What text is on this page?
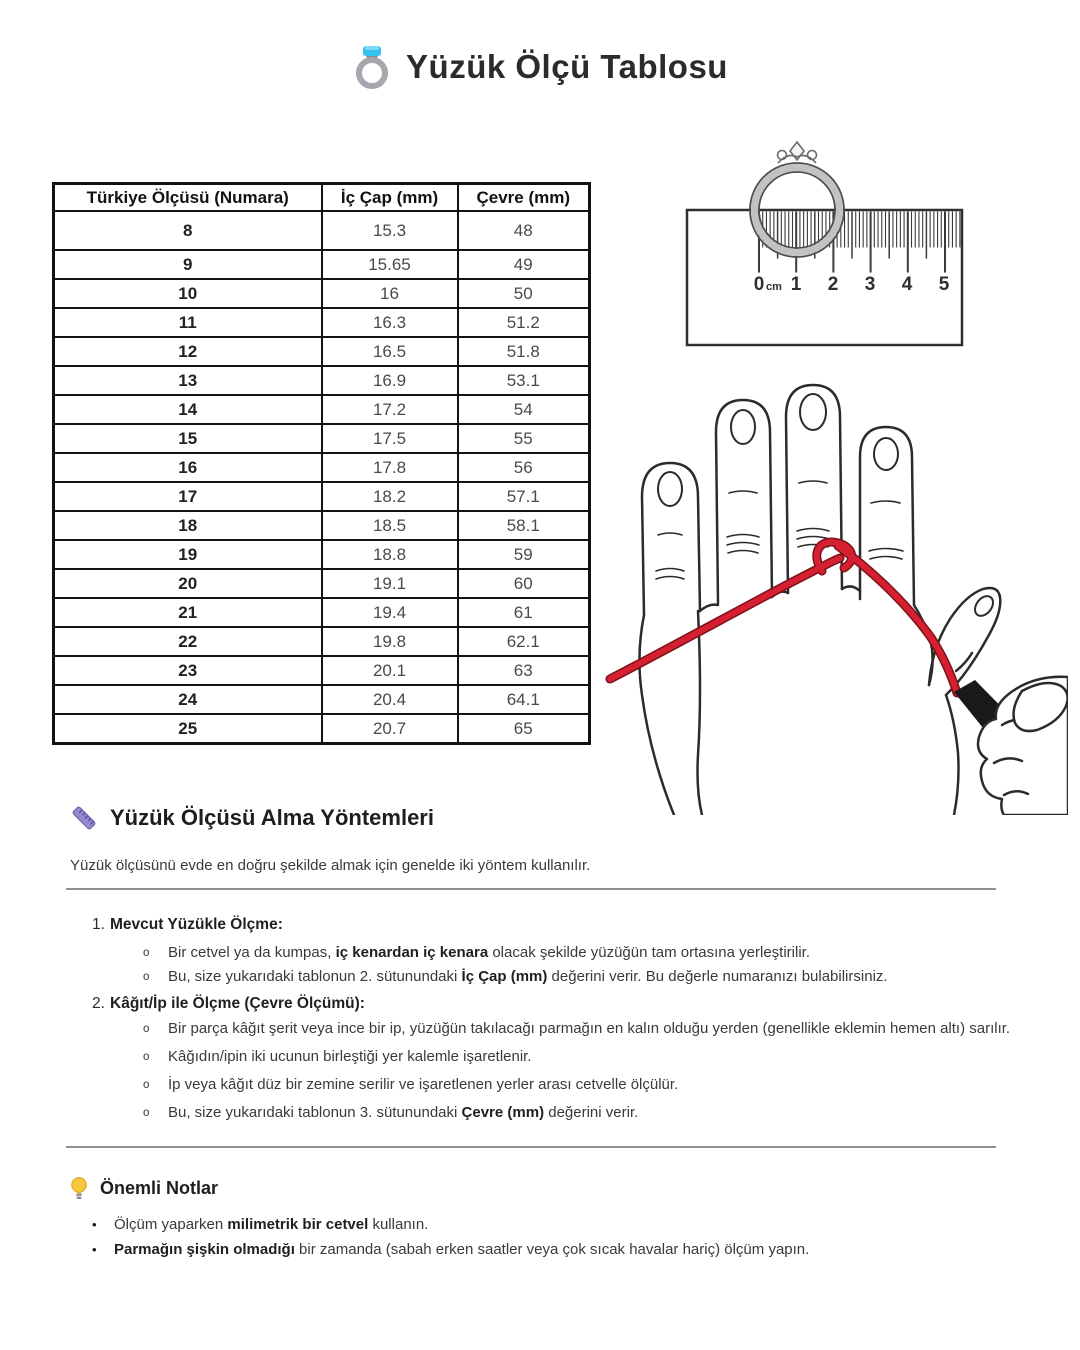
Yüzük Ölçü Tablosu
Türkiye Ölçüsü (Numara)	İç Çap (mm)	Çevre (mm)
8	15.3	48
9	15.65	49
10	16	50
11	16.3	51.2
12	16.5	51.8
13	16.9	53.1
14	17.2	54
15	17.5	55
16	17.8	56
17	18.2	57.1
18	18.5	58.1
19	18.8	59
20	19.1	60
21	19.4	61
22	19.8	62.1
23	20.1	63
24	20.4	64.1
25	20.7	65
0 cm 1 2 3 4 5
Yüzük Ölçüsü Alma Yöntemleri
Yüzük ölçüsünü evde en doğru şekilde almak için genelde iki yöntem kullanılır.
1. Mevcut Yüzükle Ölçme:
o Bir cetvel ya da kumpas, iç kenardan iç kenara olacak şekilde yüzüğün tam ortasına yerleştirilir.
o Bu, size yukarıdaki tablonun 2. sütunundaki İç Çap (mm) değerini verir. Bu değerle numaranızı bulabilirsiniz.
2. Kâğıt/İp ile Ölçme (Çevre Ölçümü):
o Bir parça kâğıt şerit veya ince bir ip, yüzüğün takılacağı parmağın en kalın olduğu yerden (genellikle eklemin hemen altı) sarılır.
o Kâğıdın/ipin iki ucunun birleştiği yer kalemle işaretlenir.
o İp veya kâğıt düz bir zemine serilir ve işaretlenen yerler arası cetvelle ölçülür.
o Bu, size yukarıdaki tablonun 3. sütunundaki Çevre (mm) değerini verir.
Önemli Notlar
• Ölçüm yaparken milimetrik bir cetvel kullanın.
• Parmağın şişkin olmadığı bir zamanda (sabah erken saatler veya çok sıcak havalar hariç) ölçüm yapın.
